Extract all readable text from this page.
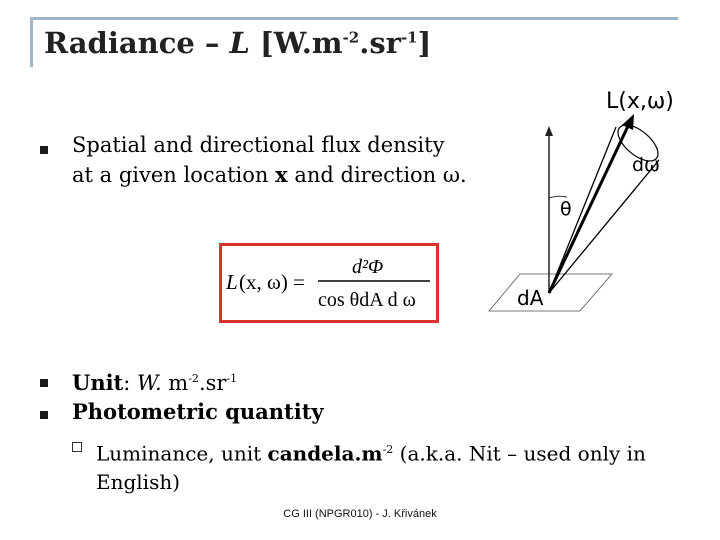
Radiance – L $[W.m^{-2}.sr^{-1}]$
Spatial and directional flux density
at a given location x and direction ω.
L (x, ω) =
d²Φ
cos θdA d ω
L(x,ω)
dω
θ
dA
Unit: W. $m^{-2}.sr^{-1}$
Photometric quantity
Luminance, unit $candela.m^{-2}$ (a.k.a. Nit – used only in
English)
CG III (NPGR010) - J. Křivánek
